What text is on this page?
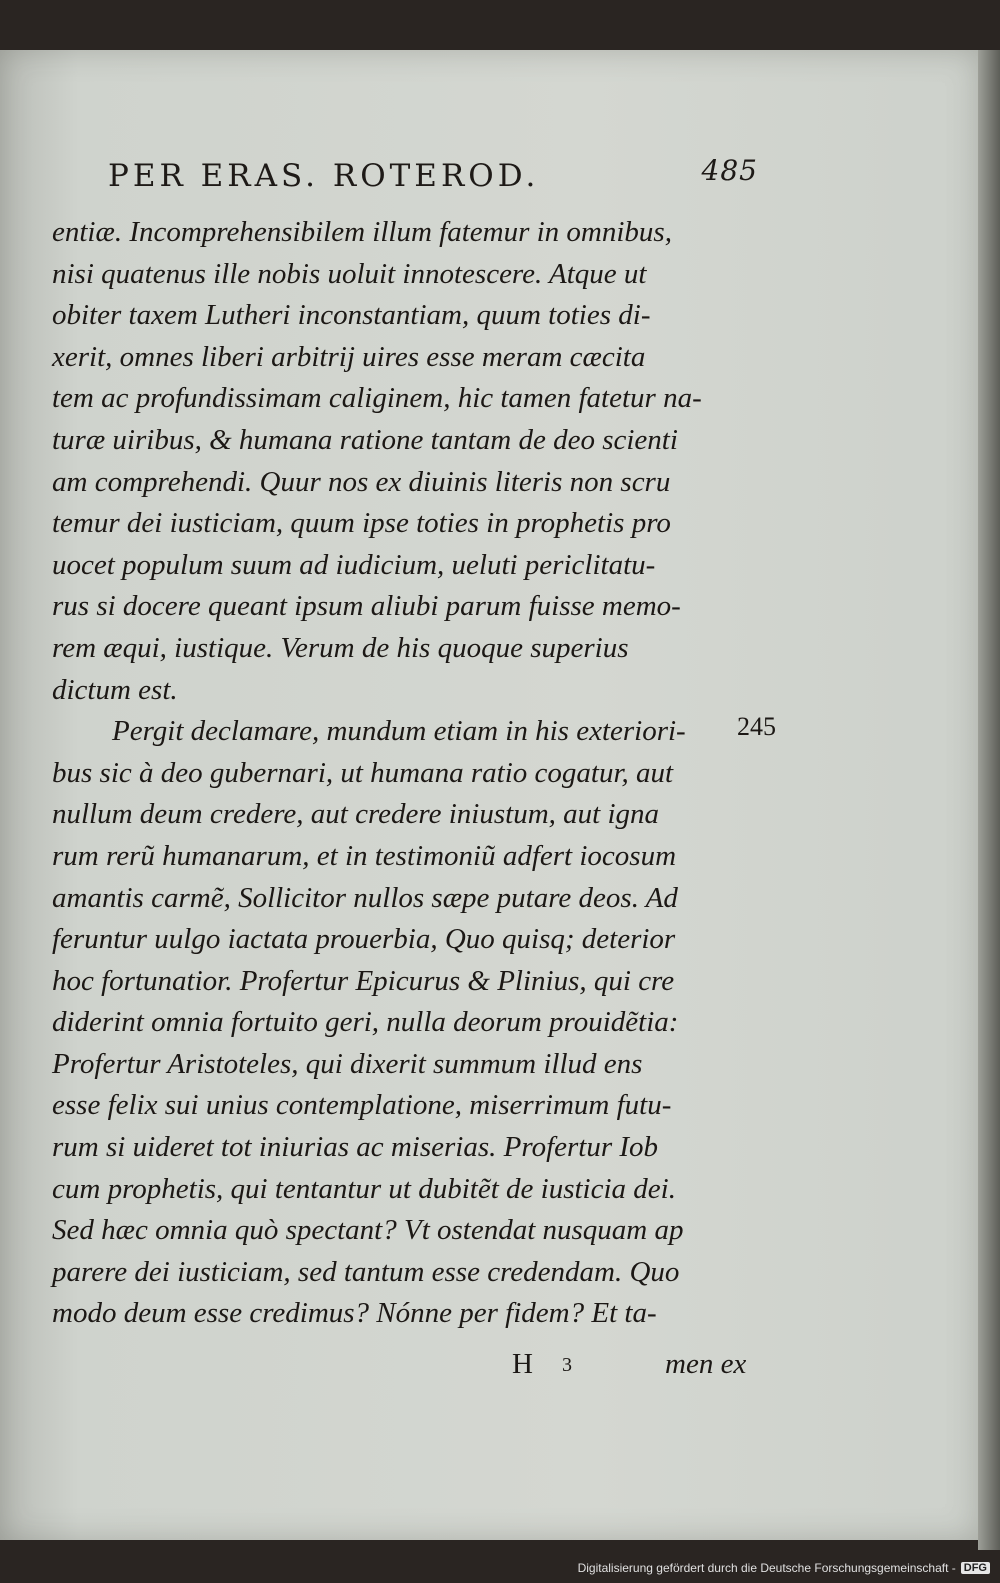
PER ERAS. ROTEROD.	485
entiæ. Incomprehensibilem illum fatemur in omnibus,
nisi quatenus ille nobis uoluit innotescere. Atque ut
obiter taxem Lutheri inconstantiam, quum toties di-
xerit, omnes liberi arbitrij uires esse meram cæcita
tem ac profundissimam caliginem, hic tamen fatetur na-
turæ uiribus, & humana ratione tantam de deo scienti
am comprehendi. Quur nos ex diuinis literis non scru
temur dei iusticiam, quum ipse toties in prophetis pro
uocet populum suum ad iudicium, ueluti periclitatu-
rus si docere queant ipsum aliubi parum fuisse memo-
rem æqui, iustique. Verum de his quoque superius
dictum est.
Pergit declamare, mundum etiam in his exteriori-
bus sic à deo gubernari, ut humana ratio cogatur, aut
nullum deum credere, aut credere iniustum, aut igna
rum rerũ humanarum, et in testimoniũ adfert iocosum
amantis carmẽ, Sollicitor nullos sæpe putare deos. Ad
feruntur uulgo iactata prouerbia, Quo quisq; deterior
hoc fortunatior. Profertur Epicurus & Plinius, qui cre
diderint omnia fortuito geri, nulla deorum prouidẽtia:
Profertur Aristoteles, qui dixerit summum illud ens
esse felix sui unius contemplatione, miserrimum futu-
rum si uideret tot iniurias ac miserias. Profertur Iob
cum prophetis, qui tentantur ut dubitẽt de iusticia dei.
Sed hæc omnia quò spectant? Vt ostendat nusquam ap
parere dei iusticiam, sed tantum esse credendam. Quo
modo deum esse credimus? Nónne per fidem? Et ta-
245
H 3	men ex
Digitalisierung gefördert durch die Deutsche Forschungsgemeinschaft - DFG
